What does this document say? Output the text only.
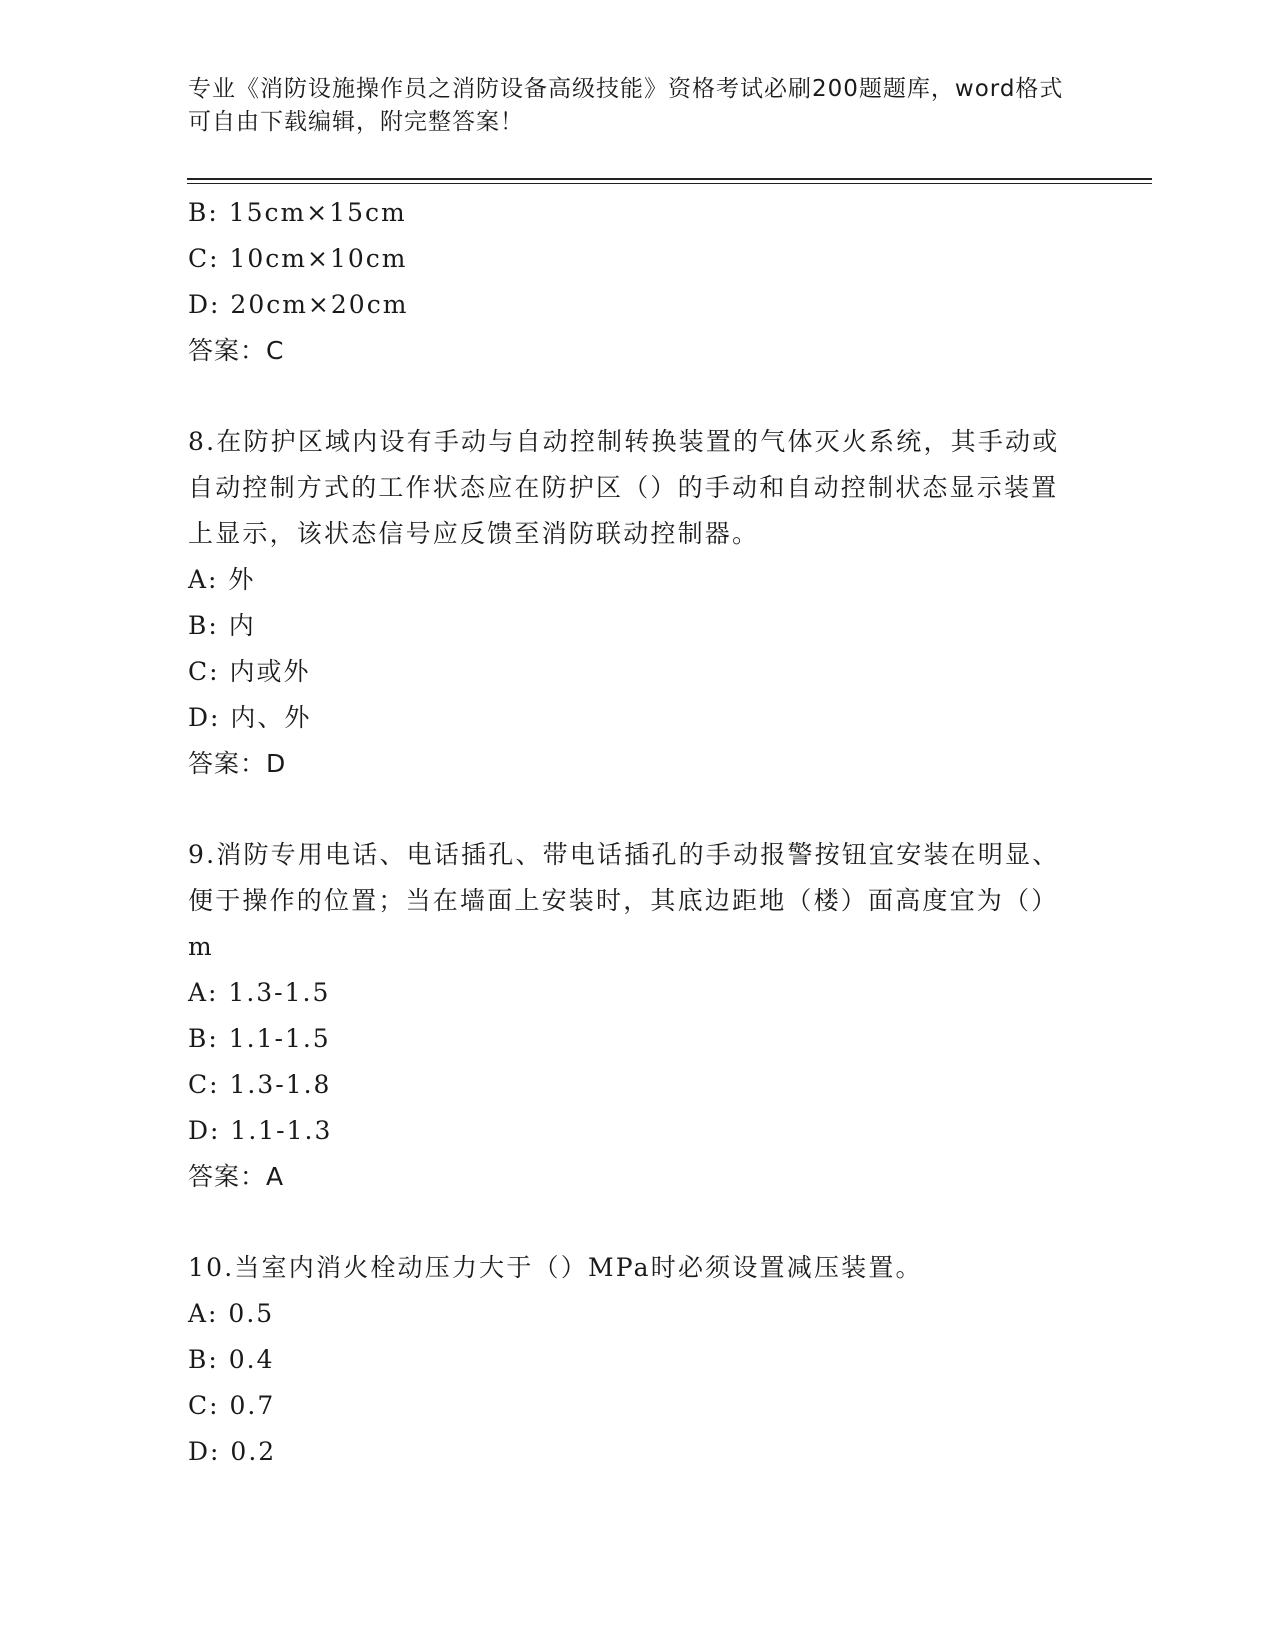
专业《消防设施操作员之消防设备高级技能》资格考试必刷200题题库，word格式可自由下载编辑，附完整答案！
B: 15cm×15cm
C: 10cm×10cm
D: 20cm×20cm
答案：C
8.在防护区域内设有手动与自动控制转换装置的气体灭火系统，其手动或自动控制方式的工作状态应在防护区（）的手动和自动控制状态显示装置上显示，该状态信号应反馈至消防联动控制器。
A: 外
B: 内
C: 内或外
D: 内、外
答案：D
9.消防专用电话、电话插孔、带电话插孔的手动报警按钮宜安装在明显、便于操作的位置；当在墙面上安装时，其底边距地（楼）面高度宜为（）m
A: 1.3-1.5
B: 1.1-1.5
C: 1.3-1.8
D: 1.1-1.3
答案：A
10.当室内消火栓动压力大于（）MPa时必须设置减压装置。
A: 0.5
B: 0.4
C: 0.7
D: 0.2
